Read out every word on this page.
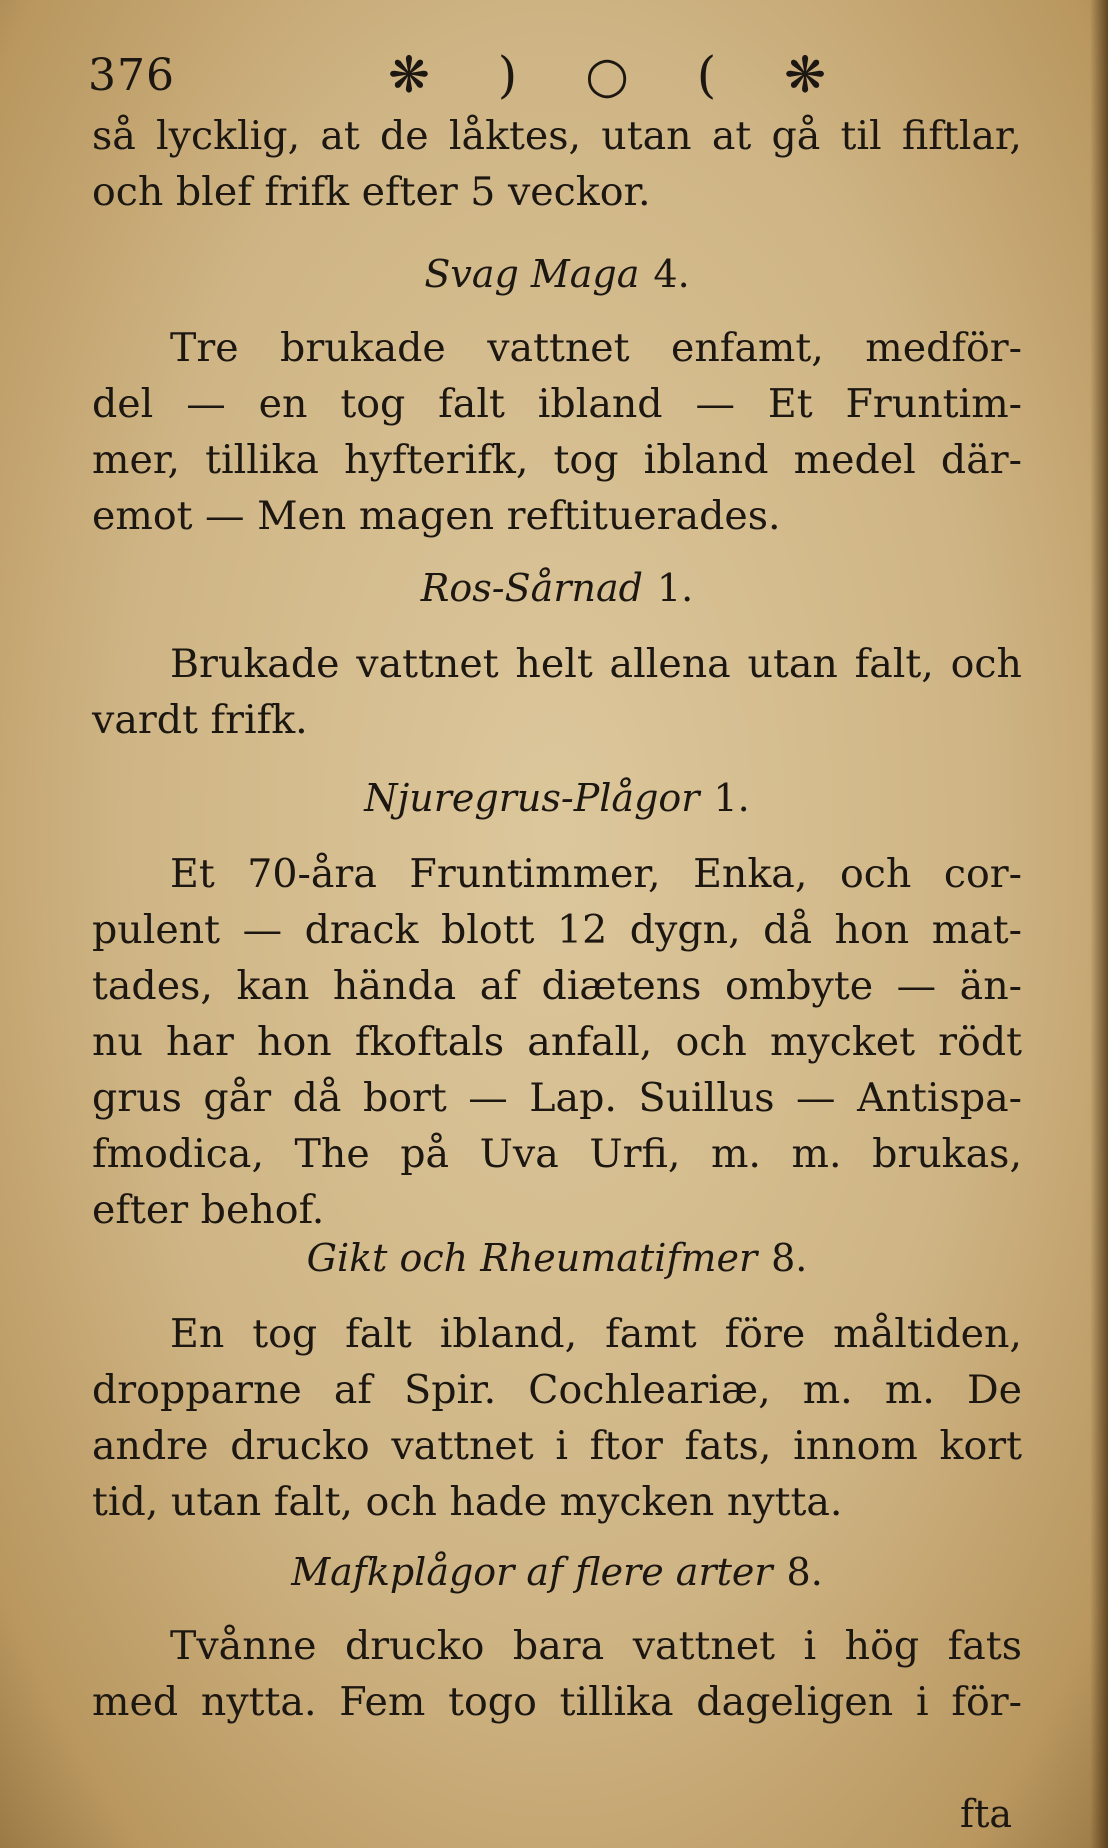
376	❋ ) ○ ( ❋
så lycklig, at de låktes, utan at gå til fiftlar,
och blef frifk efter 5 veckor.
Svag Maga 4.
Tre brukade vattnet enfamt, medför-
del — en tog falt ibland — Et Fruntim-
mer, tillika hyfterifk, tog ibland medel där-
emot — Men magen reftituerades.
Ros-Sårnad 1.
Brukade vattnet helt allena utan falt, och
vardt frifk.
Njuregrus-Plågor 1.
Et 70-åra Fruntimmer, Enka, och cor-
pulent — drack blott 12 dygn, då hon mat-
tades, kan hända af diætens ombyte — än-
nu har hon fkoftals anfall, och mycket rödt
grus går då bort — Lap. Suillus — Antispa-
fmodica, The på Uva Urfi, m. m. brukas,
efter behof.
Gikt och Rheumatifmer 8.
En tog falt ibland, famt före måltiden,
dropparne af Spir. Cochleariæ, m. m. De
andre drucko vattnet i ftor fats, innom kort
tid, utan falt, och hade mycken nytta.
Mafkplågor af flere arter 8.
Tvånne drucko bara vattnet i hög fats
med nytta. Fem togo tillika dageligen i för-
fta
